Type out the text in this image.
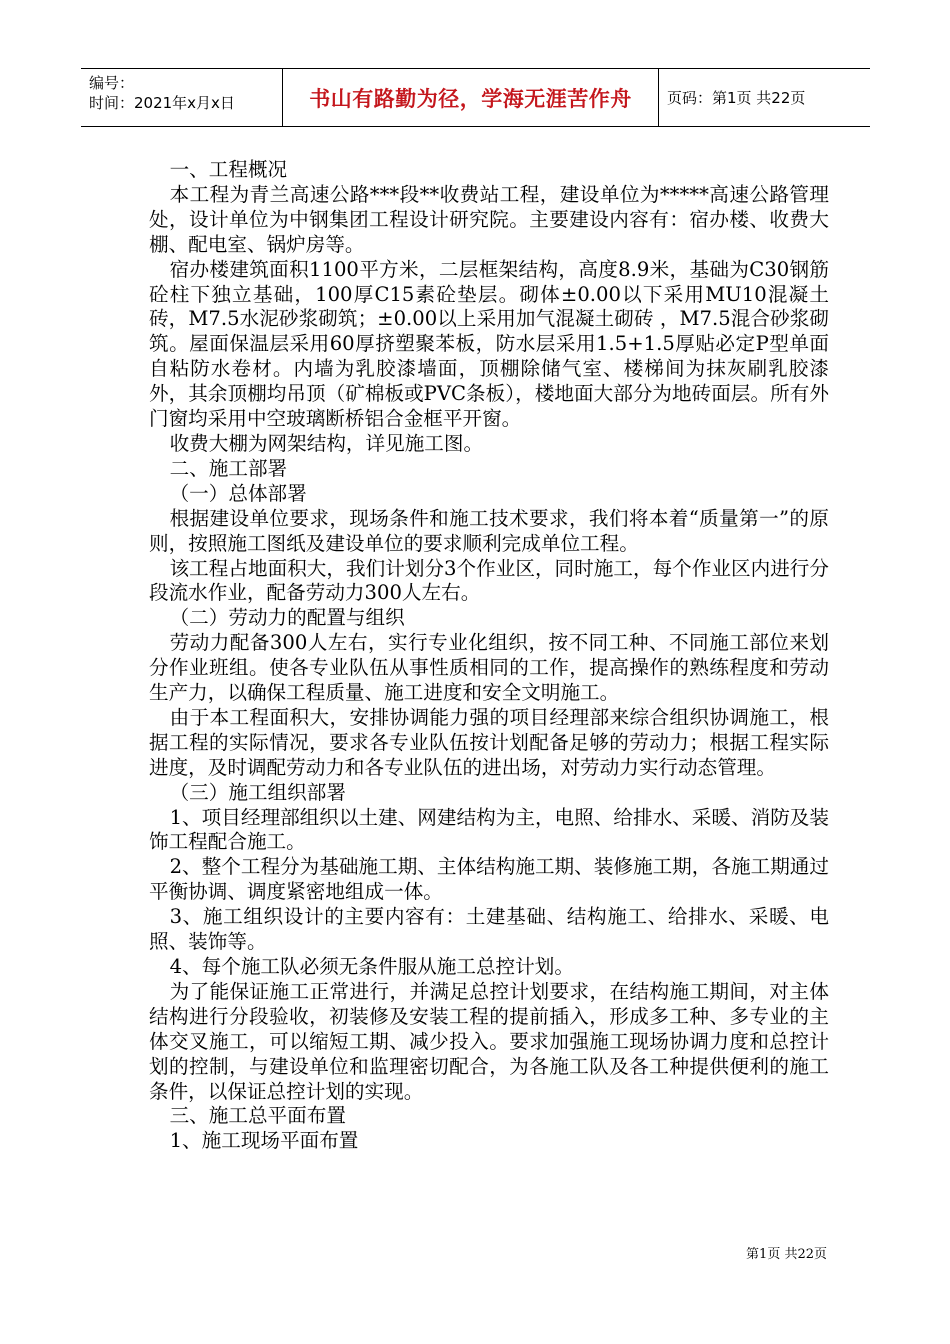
编号：
时间：2021年x月x日	书山有路勤为径，学海无涯苦作舟	页码：第1页 共22页

一、工程概况

本工程为青兰高速公路***段**收费站工程，建设单位为*****高速公路管理处，设计单位为中钢集团工程设计研究院。主要建设内容有：宿办楼、收费大棚、配电室、锅炉房等。

宿办楼建筑面积1100平方米，二层框架结构，高度8.9米，基础为C30钢筋砼柱下独立基础，100厚C15素砼垫层。砌体±0.00以下采用MU10混凝土砖，M7.5水泥砂浆砌筑；±0.00以上采用加气混凝土砌砖 ，M7.5混合砂浆砌筑。屋面保温层采用60厚挤塑聚苯板，防水层采用1.5+1.5厚贴必定P型单面自粘防水卷材。内墙为乳胶漆墙面，顶棚除储气室、楼梯间为抹灰刷乳胶漆外，其余顶棚均吊顶（矿棉板或PVC条板），楼地面大部分为地砖面层。所有外门窗均采用中空玻璃断桥铝合金框平开窗。

收费大棚为网架结构，详见施工图。

二、施工部署

（一）总体部署

根据建设单位要求，现场条件和施工技术要求，我们将本着“质量第一”的原则，按照施工图纸及建设单位的要求顺利完成单位工程。

该工程占地面积大，我们计划分3个作业区，同时施工，每个作业区内进行分段流水作业，配备劳动力300人左右。

（二）劳动力的配置与组织

劳动力配备300人左右，实行专业化组织，按不同工种、不同施工部位来划分作业班组。使各专业队伍从事性质相同的工作，提高操作的熟练程度和劳动生产力，以确保工程质量、施工进度和安全文明施工。

由于本工程面积大，安排协调能力强的项目经理部来综合组织协调施工，根据工程的实际情况，要求各专业队伍按计划配备足够的劳动力；根据工程实际进度，及时调配劳动力和各专业队伍的进出场，对劳动力实行动态管理。

（三）施工组织部署

1、项目经理部组织以土建、网建结构为主，电照、给排水、采暖、消防及装饰工程配合施工。

2、整个工程分为基础施工期、主体结构施工期、装修施工期，各施工期通过平衡协调、调度紧密地组成一体。

3、施工组织设计的主要内容有：土建基础、结构施工、给排水、采暖、电照、装饰等。

4、每个施工队必须无条件服从施工总控计划。

为了能保证施工正常进行，并满足总控计划要求，在结构施工期间，对主体结构进行分段验收，初装修及安装工程的提前插入，形成多工种、多专业的主体交叉施工，可以缩短工期、减少投入。要求加强施工现场协调力度和总控计划的控制，与建设单位和监理密切配合，为各施工队及各工种提供便利的施工条件，以保证总控计划的实现。

三、施工总平面布置

1、施工现场平面布置

第1页 共22页
